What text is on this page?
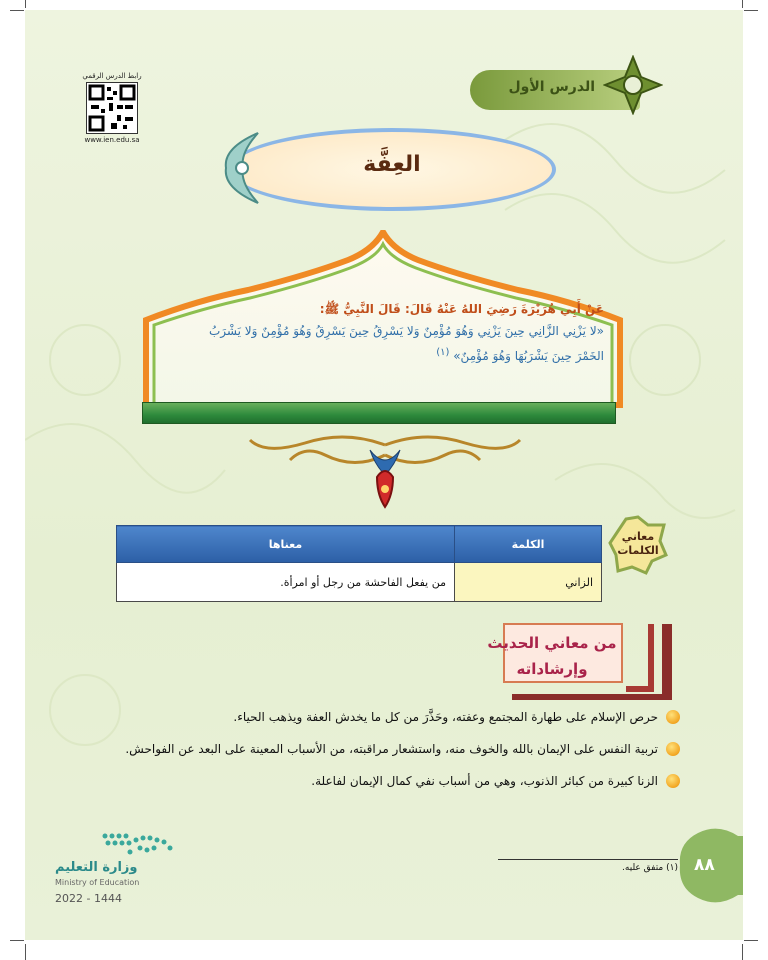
رابط الدرس الرقمي
www.ien.edu.sa
الدرس الأول
العِفَّة
عَنْ أَبِي هُرَيْرَةَ رَضِيَ اللهُ عَنْهُ قَالَ: قَالَ النَّبِيُّ ﷺ:
«لا يَزْنِي الزَّانِي حِينَ يَزْنِي وَهُوَ مُؤْمِنٌ وَلا يَسْرِقُ حِينَ يَسْرِقُ وَهُوَ مُؤْمِنٌ وَلا يَشْرَبُ الخَمْرَ حِينَ يَشْرَبُهَا وَهُوَ مُؤْمِنٌ» $^{(١)}$
معاني
الكلمات
الكلمة	معناها
الزاني	من يفعل الفاحشة من رجل أو امرأة.
من معاني الحديث
وإرشاداته
حرص الإسلام على طهارة المجتمع وعفته، وحَذَّرَ من كل ما يخدش العفة ويذهب الحياء.
تربية النفس على الإيمان بالله والخوف منه، واستشعار مراقبته، من الأسباب المعينة على البعد عن الفواحش.
الزنا كبيرة من كبائر الذنوب، وهي من أسباب نفي كمال الإيمان لفاعلة.
وزارة التعليم
Ministry of Education
2022 - 1444
(١) متفق عليه. ٨٨
